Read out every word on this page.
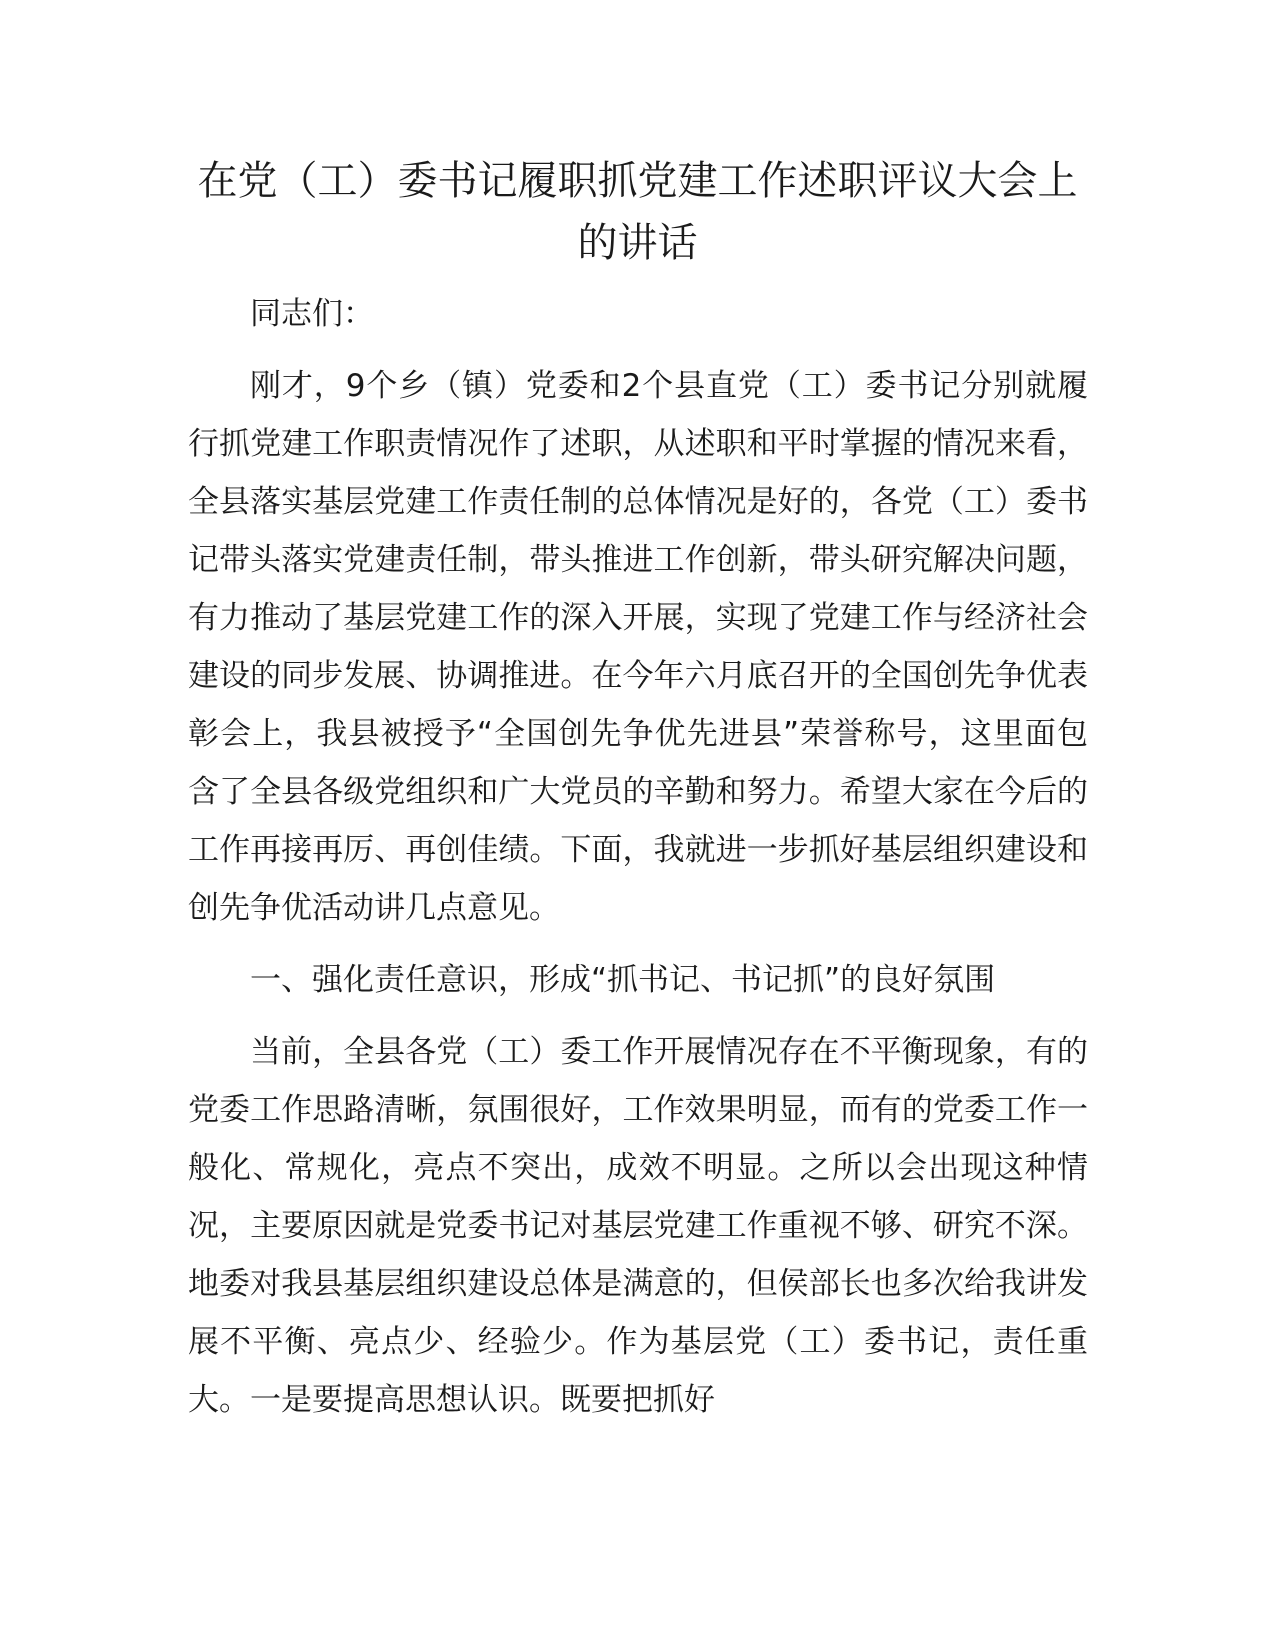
在党（工）委书记履职抓党建工作述职评议大会上的讲话

同志们：

刚才，9个乡（镇）党委和2个县直党（工）委书记分别就履行抓党建工作职责情况作了述职，从述职和平时掌握的情况来看，全县落实基层党建工作责任制的总体情况是好的，各党（工）委书记带头落实党建责任制，带头推进工作创新，带头研究解决问题，有力推动了基层党建工作的深入开展，实现了党建工作与经济社会建设的同步发展、协调推进。在今年六月底召开的全国创先争优表彰会上，我县被授予“全国创先争优先进县”荣誉称号，这里面包含了全县各级党组织和广大党员的辛勤和努力。希望大家在今后的工作再接再厉、再创佳绩。下面，我就进一步抓好基层组织建设和创先争优活动讲几点意见。

一、强化责任意识，形成“抓书记、书记抓”的良好氛围

当前，全县各党（工）委工作开展情况存在不平衡现象，有的党委工作思路清晰，氛围很好，工作效果明显，而有的党委工作一般化、常规化，亮点不突出，成效不明显。之所以会出现这种情况，主要原因就是党委书记对基层党建工作重视不够、研究不深。地委对我县基层组织建设总体是满意的，但侯部长也多次给我讲发展不平衡、亮点少、经验少。作为基层党（工）委书记，责任重大。一是要提高思想认识。既要把抓好
